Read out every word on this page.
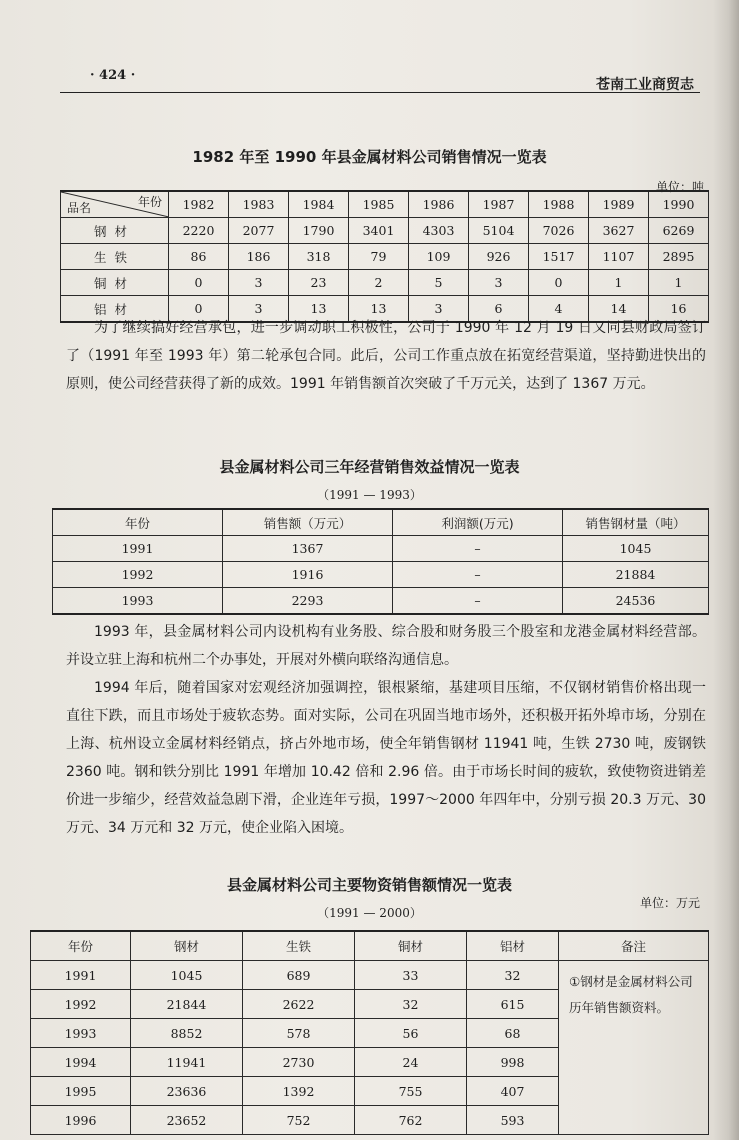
· 424 ·
苍南工业商贸志
1982 年至 1990 年县金属材料公司销售情况一览表
单位：吨
年份
品名	1982	1983	1984	1985	1986	1987	1988	1989	1990
钢材	2220	2077	1790	3401	4303	5104	7026	3627	6269
生铁	86	186	318	79	109	926	1517	1107	2895
铜材	0	3	23	2	5	3	0	1	1
铝材	0	3	13	13	3	6	4	14	16
为了继续搞好经营承包，进一步调动职工积极性，公司于 1990 年 12 月 19 日又同县财政局签订了（1991 年至 1993 年）第二轮承包合同。此后，公司工作重点放在拓宽经营渠道，坚持勤进快出的原则，使公司经营获得了新的成效。1991 年销售额首次突破了千万元关，达到了 1367 万元。
县金属材料公司三年经营销售效益情况一览表
（1991 — 1993）
年份	销售额（万元）	利润额(万元)	销售钢材量（吨）
1991	1367	–	1045
1992	1916	–	21884
1993	2293	–	24536
1993 年，县金属材料公司内设机构有业务股、综合股和财务股三个股室和龙港金属材料经营部。并设立驻上海和杭州二个办事处，开展对外横向联络沟通信息。
1994 年后，随着国家对宏观经济加强调控，银根紧缩，基建项目压缩，不仅钢材销售价格出现一直往下跌，而且市场处于疲软态势。面对实际，公司在巩固当地市场外，还积极开拓外埠市场，分别在上海、杭州设立金属材料经销点，挤占外地市场，使全年销售钢材 11941 吨，生铁 2730 吨，废钢铁 2360 吨。钢和铁分别比 1991 年增加 10.42 倍和 2.96 倍。由于市场长时间的疲软，致使物资进销差价进一步缩少，经营效益急剧下滑，企业连年亏损，1997～2000 年四年中，分别亏损 20.3 万元、30 万元、34 万元和 32 万元，使企业陷入困境。
县金属材料公司主要物资销售额情况一览表
（1991 — 2000）
单位：万元
年份	钢材	生铁	铜材	铝材	备注
1991	1045	689	33	32	①钢材是金属材料公司历年销售额资料。
1992	21844	2622	32	615	
1993	8852	578	56	68	
1994	11941	2730	24	998	
1995	23636	1392	755	407	
1996	23652	752	762	593	
